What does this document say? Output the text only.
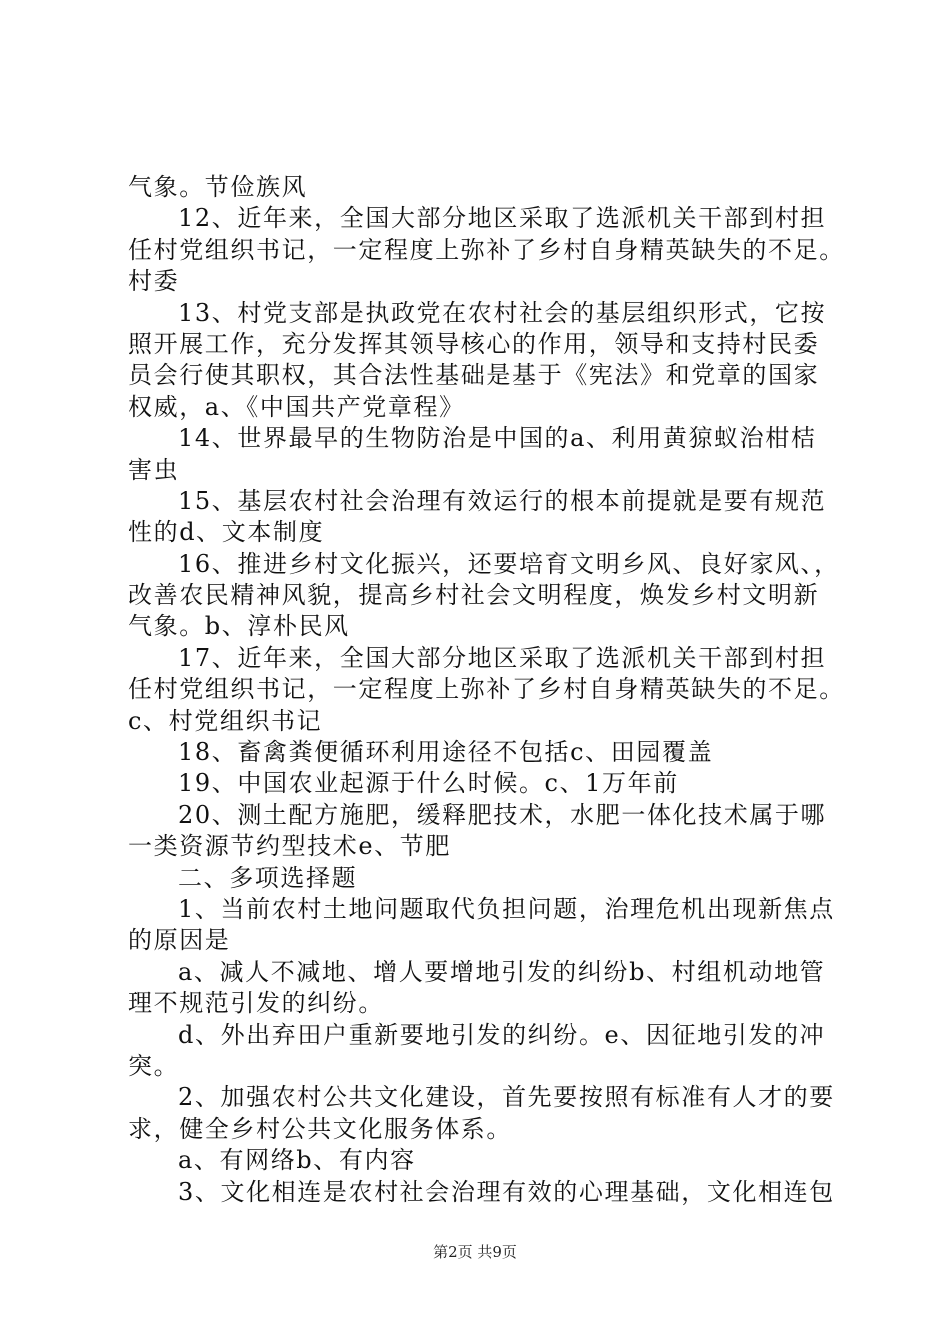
气象。节俭族风
12、近年来，全国大部分地区采取了选派机关干部到村担
任村党组织书记，一定程度上弥补了乡村自身精英缺失的不足。
村委
13、村党支部是执政党在农村社会的基层组织形式，它按
照开展工作，充分发挥其领导核心的作用，领导和支持村民委
员会行使其职权，其合法性基础是基于《宪法》和党章的国家
权威，a、《中国共产党章程》
14、世界最早的生物防治是中国的a、利用黄猄蚁治柑桔
害虫
15、基层农村社会治理有效运行的根本前提就是要有规范
性的d、文本制度
16、推进乡村文化振兴，还要培育文明乡风、良好家风、，
改善农民精神风貌，提高乡村社会文明程度，焕发乡村文明新
气象。b、淳朴民风
17、近年来，全国大部分地区采取了选派机关干部到村担
任村党组织书记，一定程度上弥补了乡村自身精英缺失的不足。
c、村党组织书记
18、畜禽粪便循环利用途径不包括c、田园覆盖
19、中国农业起源于什么时候。c、1万年前
20、测土配方施肥，缓释肥技术，水肥一体化技术属于哪
一类资源节约型技术e、节肥
二、多项选择题
1、当前农村土地问题取代负担问题，治理危机出现新焦点
的原因是
a、减人不减地、增人要增地引发的纠纷b、村组机动地管
理不规范引发的纠纷。
d、外出弃田户重新要地引发的纠纷。e、因征地引发的冲
突。
2、加强农村公共文化建设，首先要按照有标准有人才的要
求，健全乡村公共文化服务体系。
a、有网络b、有内容
3、文化相连是农村社会治理有效的心理基础，文化相连包
第2页 共9页
